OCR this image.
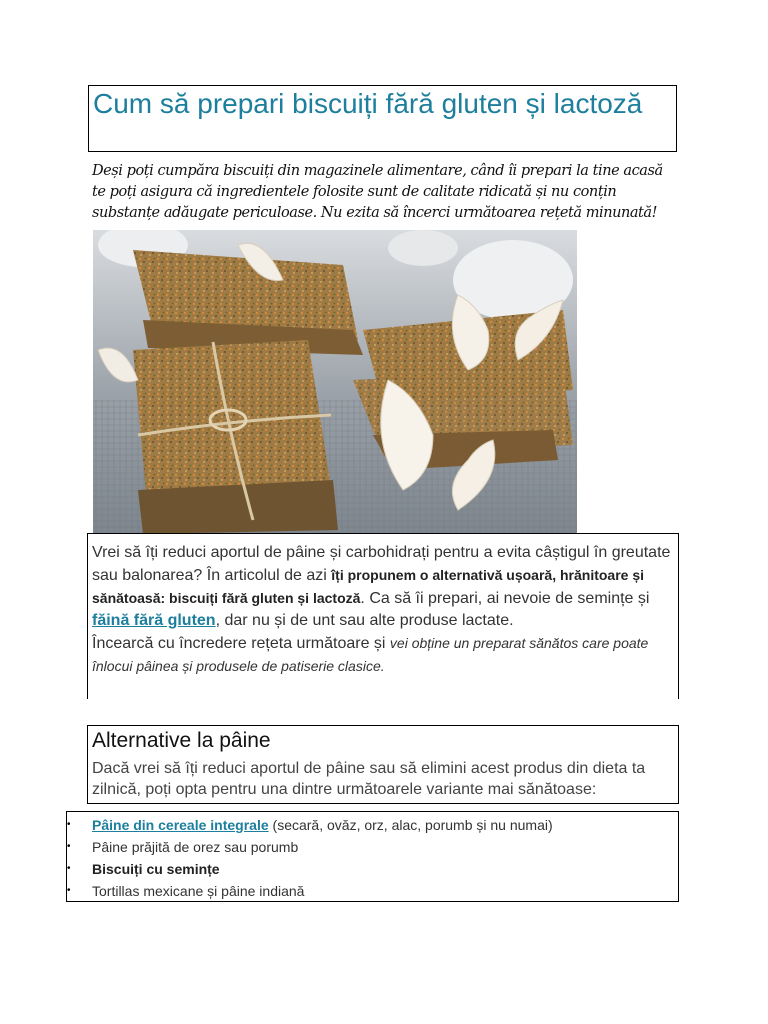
Cum să prepari biscuiți fără gluten și lactoză

Deși poți cumpăra biscuiți din magazinele alimentare, când îi prepari la tine acasă te poți asigura că ingredientele folosite sunt de calitate ridicată și nu conțin substanțe adăugate periculoase. Nu ezita să încerci următoarea rețetă minunată!

Vrei să îți reduci aportul de pâine și carbohidrați pentru a evita câștigul în greutate sau balonarea? În articolul de azi îți propunem o alternativă ușoară, hrănitoare și sănătoasă: biscuiți fără gluten și lactoză. Ca să îi prepari, ai nevoie de semințe și făină fără gluten, dar nu și de unt sau alte produse lactate.

Încearcă cu încredere rețeta următoare și vei obține un preparat sănătos care poate înlocui pâinea și produsele de patiserie clasice.

Alternative la pâine

Dacă vrei să îți reduci aportul de pâine sau să elimini acest produs din dieta ta zilnică, poți opta pentru una dintre următoarele variante mai sănătoase:

• Pâine din cereale integrale (secară, ovăz, orz, alac, porumb și nu numai)
• Pâine prăjită de orez sau porumb
• Biscuiți cu semințe
• Tortillas mexicane și pâine indiană
